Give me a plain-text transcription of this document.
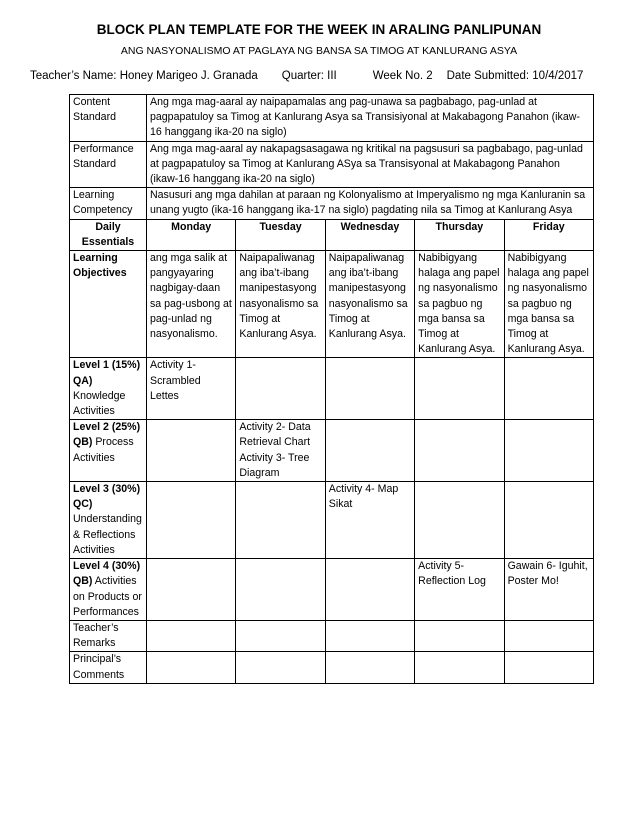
BLOCK PLAN TEMPLATE FOR THE WEEK IN ARALING PANLIPUNAN
ANG NASYONALISMO AT PAGLAYA NG BANSA SA TIMOG AT KANLURANG ASYA
Teacher’s Name: Honey Marigeo J. Granada Quarter: III	Week No. 2 Date Submitted: 10/4/2017
Content Standard	Ang mga mag-aaral ay naipapamalas ang pag-unawa sa pagbabago, pag-unlad at pagpapatuloy sa Timog at Kanlurang Asya sa Transisiyonal at Makabagong Panahon (ikaw-16 hanggang ika-20 na siglo)				
Performance Standard	Ang mga mag-aaral ay nakapagsasagawa ng kritikal na pagsusuri sa pagbabago, pag-unlad at pagpapatuloy sa Timog at Kanlurang ASya sa Transisyonal at Makabagong Panahon (ikaw-16 hanggang ika-20 na siglo)				
Learning Competency	Nasusuri ang mga dahilan at paraan ng Kolonyalismo at Imperyalismo ng mga Kanluranin sa unang yugto (ika-16 hanggang ika-17 na siglo) pagdating nila sa Timog at Kanlurang Asya				
Daily Essentials	Monday	Tuesday	Wednesday	Thursday	Friday
Learning Objectives	ang mga salik at pangyayaring nagbigay-daan sa pag-usbong at pag-unlad ng nasyonalismo.	Naipapaliwanag ang iba’t-ibang manipestasyong nasyonalismo sa Timog at Kanlurang Asya.	Naipapaliwanag ang iba’t-ibang manipestasyong nasyonalismo sa Timog at Kanlurang Asya.	Nabibigyang halaga ang papel ng nasyonalismo sa pagbuo ng mga bansa sa Timog at Kanlurang Asya.	Nabibigyang halaga ang papel ng nasyonalismo sa pagbuo ng mga bansa sa Timog at Kanlurang Asya.
Level 1 (15%) QA) Knowledge Activities	Activity 1- Scrambled Lettes				
Level 2 (25%) QB) Process Activities		Activity 2- Data Retrieval Chart Activity 3- Tree Diagram			
Level 3 (30%) QC) Understanding & Reflections Activities			Activity 4- Map Sikat		
Level 4 (30%) QB) Activities on Products or Performances				Activity 5- Reflection Log	Gawain 6- Iguhit, Poster Mo!
Teacher’s Remarks					
Principal’s Comments					
